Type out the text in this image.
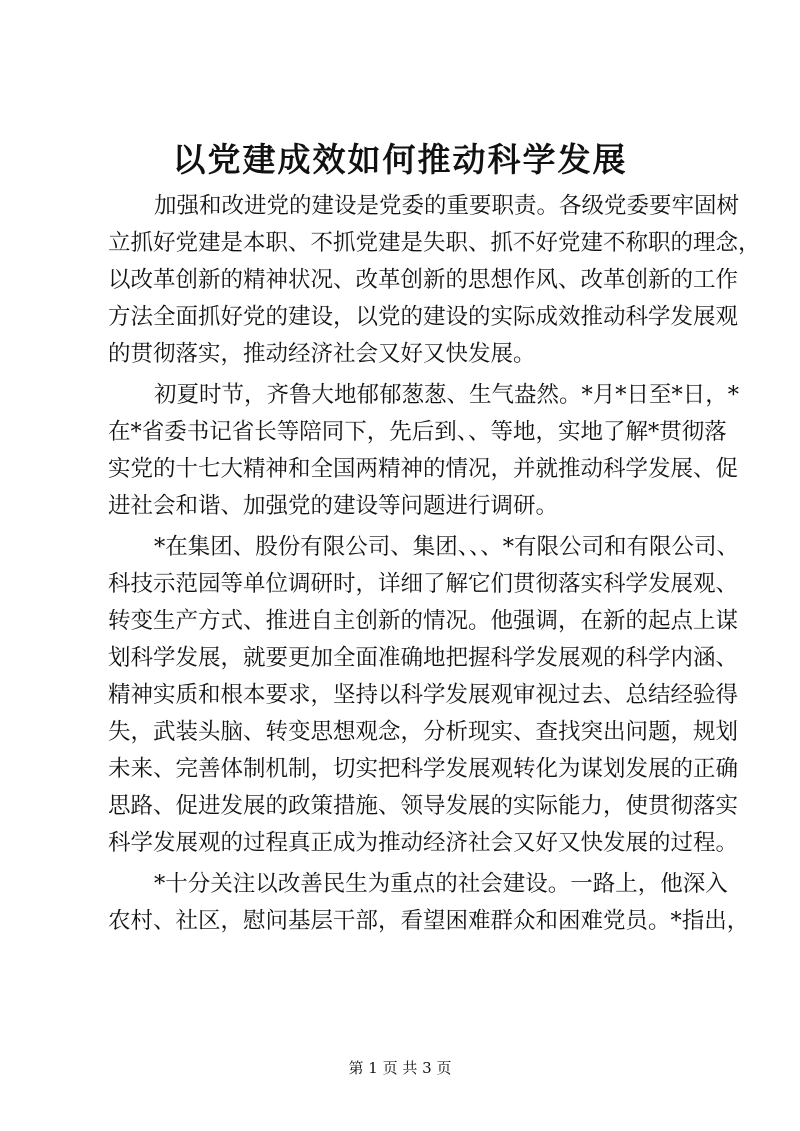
以党建成效如何推动科学发展
加强和改进党的建设是党委的重要职责。各级党委要牢固树
立抓好党建是本职、不抓党建是失职、抓不好党建不称职的理念，
以改革创新的精神状况、改革创新的思想作风、改革创新的工作
方法全面抓好党的建设，以党的建设的实际成效推动科学发展观
的贯彻落实，推动经济社会又好又快发展。
初夏时节，齐鲁大地郁郁葱葱、生气盎然。*月*日至*日，*
在*省委书记省长等陪同下，先后到、、等地，实地了解*贯彻落
实党的十七大精神和全国两精神的情况，并就推动科学发展、促
进社会和谐、加强党的建设等问题进行调研。
*在集团、股份有限公司、集团、、、*有限公司和有限公司、
科技示范园等单位调研时，详细了解它们贯彻落实科学发展观、
转变生产方式、推进自主创新的情况。他强调，在新的起点上谋
划科学发展，就要更加全面准确地把握科学发展观的科学内涵、
精神实质和根本要求，坚持以科学发展观审视过去、总结经验得
失，武装头脑、转变思想观念，分析现实、查找突出问题，规划
未来、完善体制机制，切实把科学发展观转化为谋划发展的正确
思路、促进发展的政策措施、领导发展的实际能力，使贯彻落实
科学发展观的过程真正成为推动经济社会又好又快发展的过程。
*十分关注以改善民生为重点的社会建设。一路上，他深入
农村、社区，慰问基层干部，看望困难群众和困难党员。*指出，
第 1 页 共 3 页
